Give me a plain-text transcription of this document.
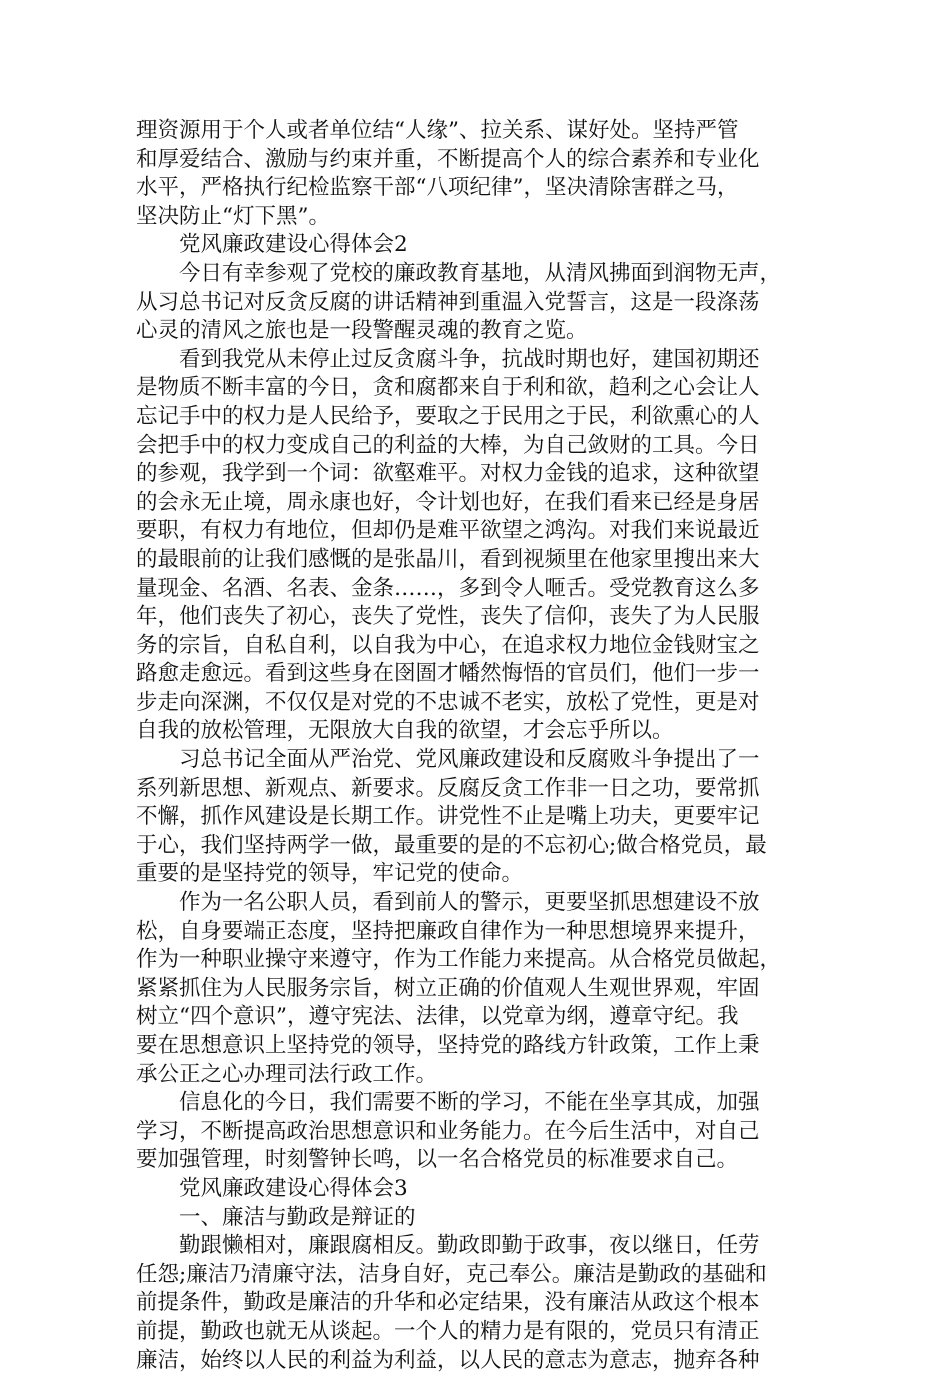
理资源用于个人或者单位结“人缘”、拉关系、谋好处。坚持严管
和厚爱结合、激励与约束并重，不断提高个人的综合素养和专业化
水平，严格执行纪检监察干部“八项纪律”，坚决清除害群之马，
坚决防止“灯下黑”。
党风廉政建设心得体会2
今日有幸参观了党校的廉政教育基地，从清风拂面到润物无声，
从习总书记对反贪反腐的讲话精神到重温入党誓言，这是一段涤荡
心灵的清风之旅也是一段警醒灵魂的教育之览。
看到我党从未停止过反贪腐斗争，抗战时期也好，建国初期还
是物质不断丰富的今日，贪和腐都来自于利和欲，趋利之心会让人
忘记手中的权力是人民给予，要取之于民用之于民，利欲熏心的人
会把手中的权力变成自己的利益的大棒，为自己敛财的工具。今日
的参观，我学到一个词：欲壑难平。对权力金钱的追求，这种欲望
的会永无止境，周永康也好，令计划也好，在我们看来已经是身居
要职，有权力有地位，但却仍是难平欲望之鸿沟。对我们来说最近
的最眼前的让我们感慨的是张晶川，看到视频里在他家里搜出来大
量现金、名酒、名表、金条……，多到令人咂舌。受党教育这么多
年，他们丧失了初心，丧失了党性，丧失了信仰，丧失了为人民服
务的宗旨，自私自利，以自我为中心，在追求权力地位金钱财宝之
路愈走愈远。看到这些身在囹圄才幡然悔悟的官员们，他们一步一
步走向深渊，不仅仅是对党的不忠诚不老实，放松了党性，更是对
自我的放松管理，无限放大自我的欲望，才会忘乎所以。
习总书记全面从严治党、党风廉政建设和反腐败斗争提出了一
系列新思想、新观点、新要求。反腐反贪工作非一日之功，要常抓
不懈，抓作风建设是长期工作。讲党性不止是嘴上功夫，更要牢记
于心，我们坚持两学一做，最重要的是的不忘初心;做合格党员，最
重要的是坚持党的领导，牢记党的使命。
作为一名公职人员，看到前人的警示，更要坚抓思想建设不放
松，自身要端正态度，坚持把廉政自律作为一种思想境界来提升，
作为一种职业操守来遵守，作为工作能力来提高。从合格党员做起，
紧紧抓住为人民服务宗旨，树立正确的价值观人生观世界观，牢固
树立“四个意识”，遵守宪法、法律，以党章为纲，遵章守纪。我
要在思想意识上坚持党的领导，坚持党的路线方针政策，工作上秉
承公正之心办理司法行政工作。
信息化的今日，我们需要不断的学习，不能在坐享其成，加强
学习，不断提高政治思想意识和业务能力。在今后生活中，对自己
要加强管理，时刻警钟长鸣，以一名合格党员的标准要求自己。
党风廉政建设心得体会3
一、廉洁与勤政是辩证的
勤跟懒相对，廉跟腐相反。勤政即勤于政事，夜以继日，任劳
任怨;廉洁乃清廉守法，洁身自好，克己奉公。廉洁是勤政的基础和
前提条件，勤政是廉洁的升华和必定结果，没有廉洁从政这个根本
前提，勤政也就无从谈起。一个人的精力是有限的，党员只有清正
廉洁，始终以人民的利益为利益，以人民的意志为意志，抛弃各种
